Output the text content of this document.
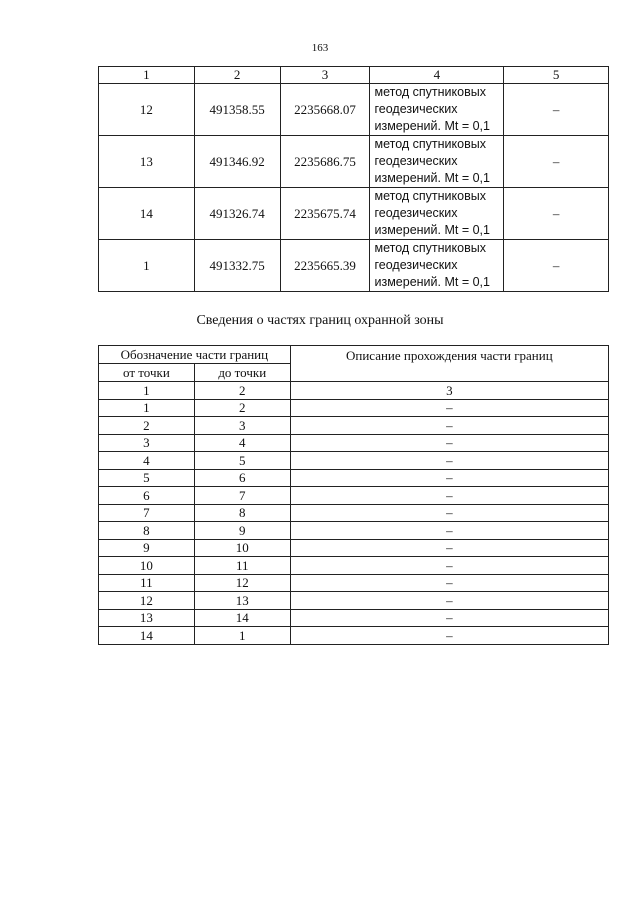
163
1	2	3	4	5
12	491358.55	2235668.07	метод спутниковых
геодезических
измерений. Mt = 0,1	–
13	491346.92	2235686.75	метод спутниковых
геодезических
измерений. Mt = 0,1	–
14	491326.74	2235675.74	метод спутниковых
геодезических
измерений. Mt = 0,1	–
1	491332.75	2235665.39	метод спутниковых
геодезических
измерений. Mt = 0,1	–
Сведения о частях границ охранной зоны
Обозначение части границ		Описание прохождения части границ
от точки	до точки	
1	2	3
1	2	–
2	3	–
3	4	–
4	5	–
5	6	–
6	7	–
7	8	–
8	9	–
9	10	–
10	11	–
11	12	–
12	13	–
13	14	–
14	1	–
